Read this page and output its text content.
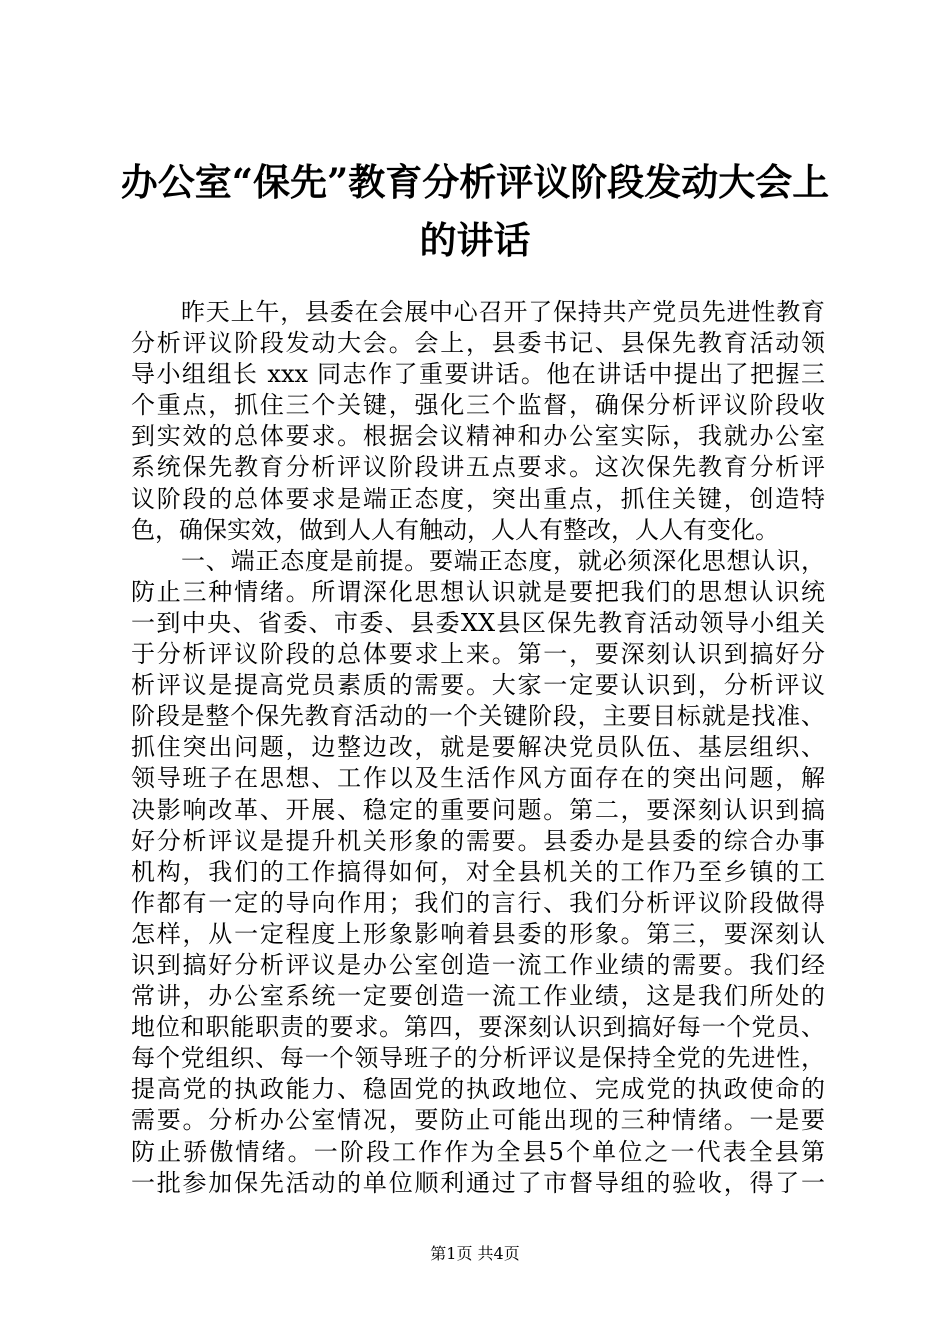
办公室“保先”教育分析评议阶段发动大会上
的讲话
昨天上午，县委在会展中心召开了保持共产党员先进性教育
分析评议阶段发动大会。会上，县委书记、县保先教育活动领
导小组组长 xxx 同志作了重要讲话。他在讲话中提出了把握三
个重点，抓住三个关键，强化三个监督，确保分析评议阶段收
到实效的总体要求。根据会议精神和办公室实际，我就办公室
系统保先教育分析评议阶段讲五点要求。这次保先教育分析评
议阶段的总体要求是端正态度，突出重点，抓住关键，创造特
色，确保实效，做到人人有触动，人人有整改，人人有变化。
一、端正态度是前提。要端正态度，就必须深化思想认识，
防止三种情绪。所谓深化思想认识就是要把我们的思想认识统
一到中央、省委、市委、县委XX县区保先教育活动领导小组关
于分析评议阶段的总体要求上来。第一，要深刻认识到搞好分
析评议是提高党员素质的需要。大家一定要认识到，分析评议
阶段是整个保先教育活动的一个关键阶段，主要目标就是找准、
抓住突出问题，边整边改，就是要解决党员队伍、基层组织、
领导班子在思想、工作以及生活作风方面存在的突出问题，解
决影响改革、开展、稳定的重要问题。第二，要深刻认识到搞
好分析评议是提升机关形象的需要。县委办是县委的综合办事
机构，我们的工作搞得如何，对全县机关的工作乃至乡镇的工
作都有一定的导向作用；我们的言行、我们分析评议阶段做得
怎样，从一定程度上形象影响着县委的形象。第三，要深刻认
识到搞好分析评议是办公室创造一流工作业绩的需要。我们经
常讲，办公室系统一定要创造一流工作业绩，这是我们所处的
地位和职能职责的要求。第四，要深刻认识到搞好每一个党员、
每个党组织、每一个领导班子的分析评议是保持全党的先进性，
提高党的执政能力、稳固党的执政地位、完成党的执政使命的
需要。分析办公室情况，要防止可能出现的三种情绪。一是要
防止骄傲情绪。一阶段工作作为全县5个单位之一代表全县第
一批参加保先活动的单位顺利通过了市督导组的验收，得了一
第1页 共4页
